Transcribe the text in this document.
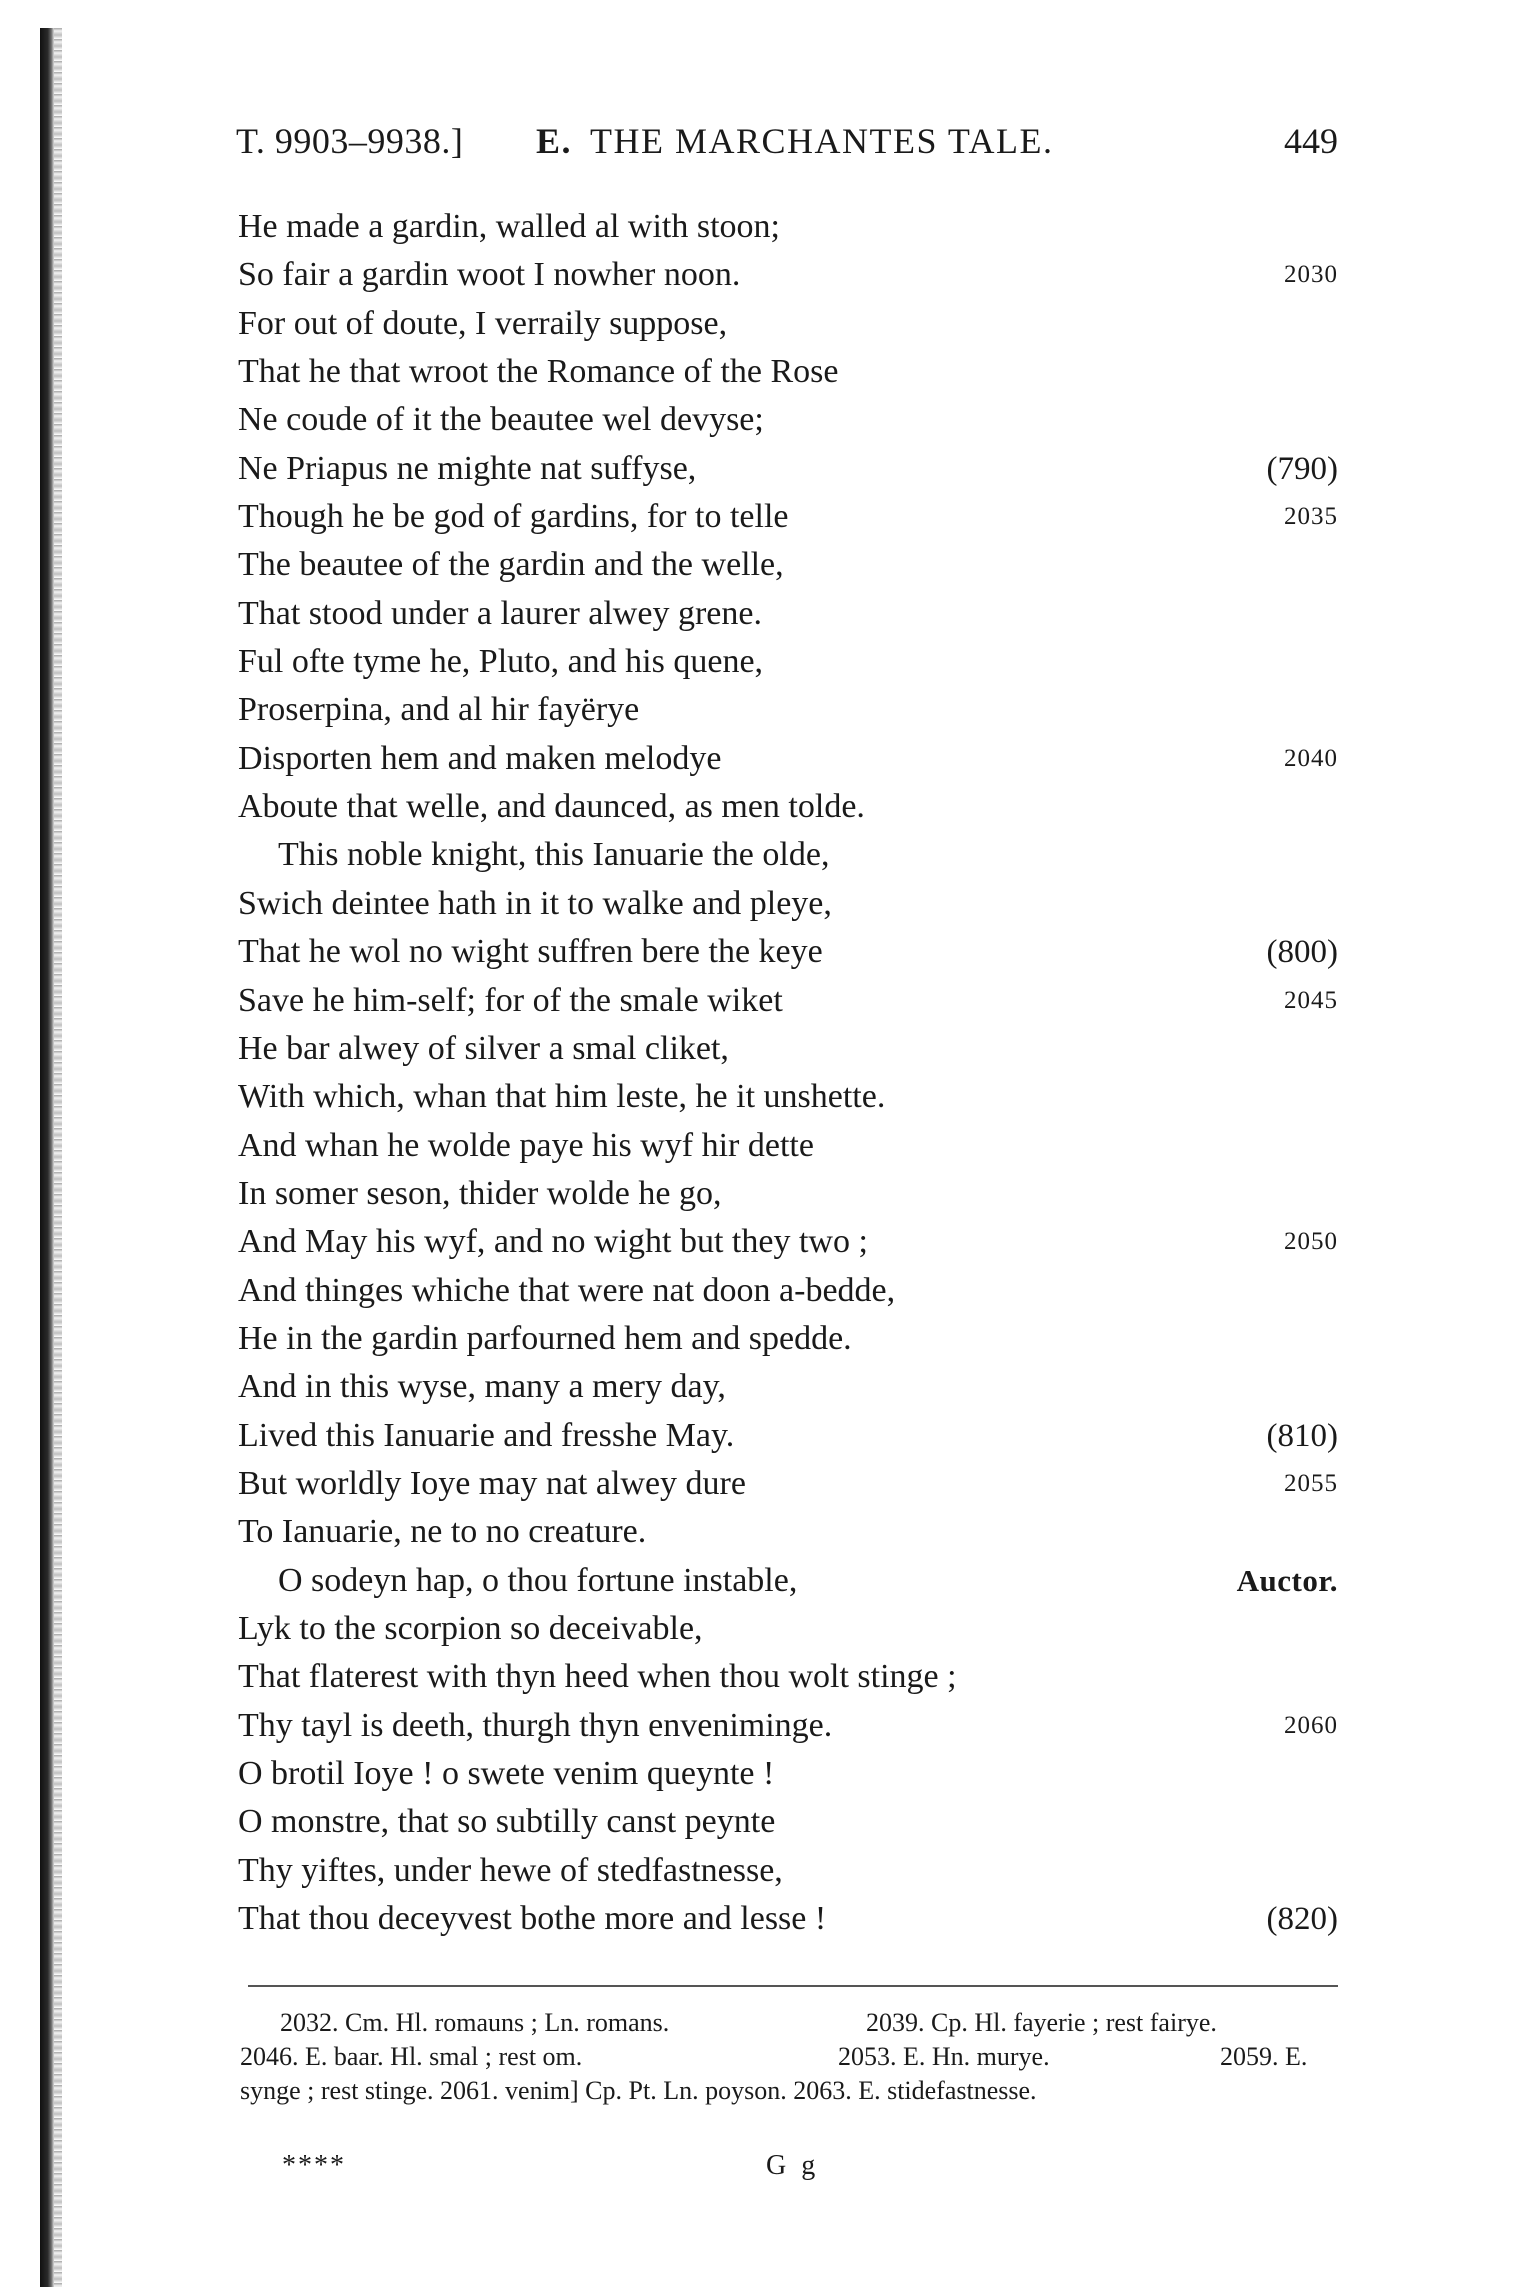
T. 9903–9938.] E. THE MARCHANTES TALE.	449
He made a gardin, walled al with stoon;
So fair a gardin woot I nowher noon.	2030
For out of doute, I verraily suppose,
That he that wroot the Romance of the Rose
Ne coude of it the beautee wel devyse;
Ne Priapus ne mighte nat suffyse,	(790)
Though he be god of gardins, for to telle	2035
The beautee of the gardin and the welle,
That stood under a laurer alwey grene.
Ful ofte tyme he, Pluto, and his quene,
Proserpina, and al hir fayërye
Disporten hem and maken melodye	2040
Aboute that welle, and daunced, as men tolde.
This noble knight, this Ianuarie the olde,
Swich deintee hath in it to walke and pleye,
That he wol no wight suffren bere the keye	(800)
Save he him-self; for of the smale wiket	2045
He bar alwey of silver a smal cliket,
With which, whan that him leste, he it unshette.
And whan he wolde paye his wyf hir dette
In somer seson, thider wolde he go,
And May his wyf, and no wight but they two ;	2050
And thinges whiche that were nat doon a-bedde,
He in the gardin parfourned hem and spedde.
And in this wyse, many a mery day,
Lived this Ianuarie and fresshe May.	(810)
But worldly Ioye may nat alwey dure	2055
To Ianuarie, ne to no creature.
O sodeyn hap, o thou fortune instable,	Auctor.
Lyk to the scorpion so deceivable,
That flaterest with thyn heed when thou wolt stinge ;
Thy tayl is deeth, thurgh thyn enveniminge.	2060
O brotil Ioye ! o swete venim queynte !
O monstre, that so subtilly canst peynte
Thy yiftes, under hewe of stedfastnesse,
That thou deceyvest bothe more and lesse !	(820)
2032. Cm. Hl. romauns ; Ln. romans.	2039. Cp. Hl. fayerie ; rest fairye.
2046. E. baar. Hl. smal ; rest om.	2053. E. Hn. murye.	2059. E.
synge ; rest stinge. 2061. venim] Cp. Pt. Ln. poyson. 2063. E. stidefastnesse.
****	G g
